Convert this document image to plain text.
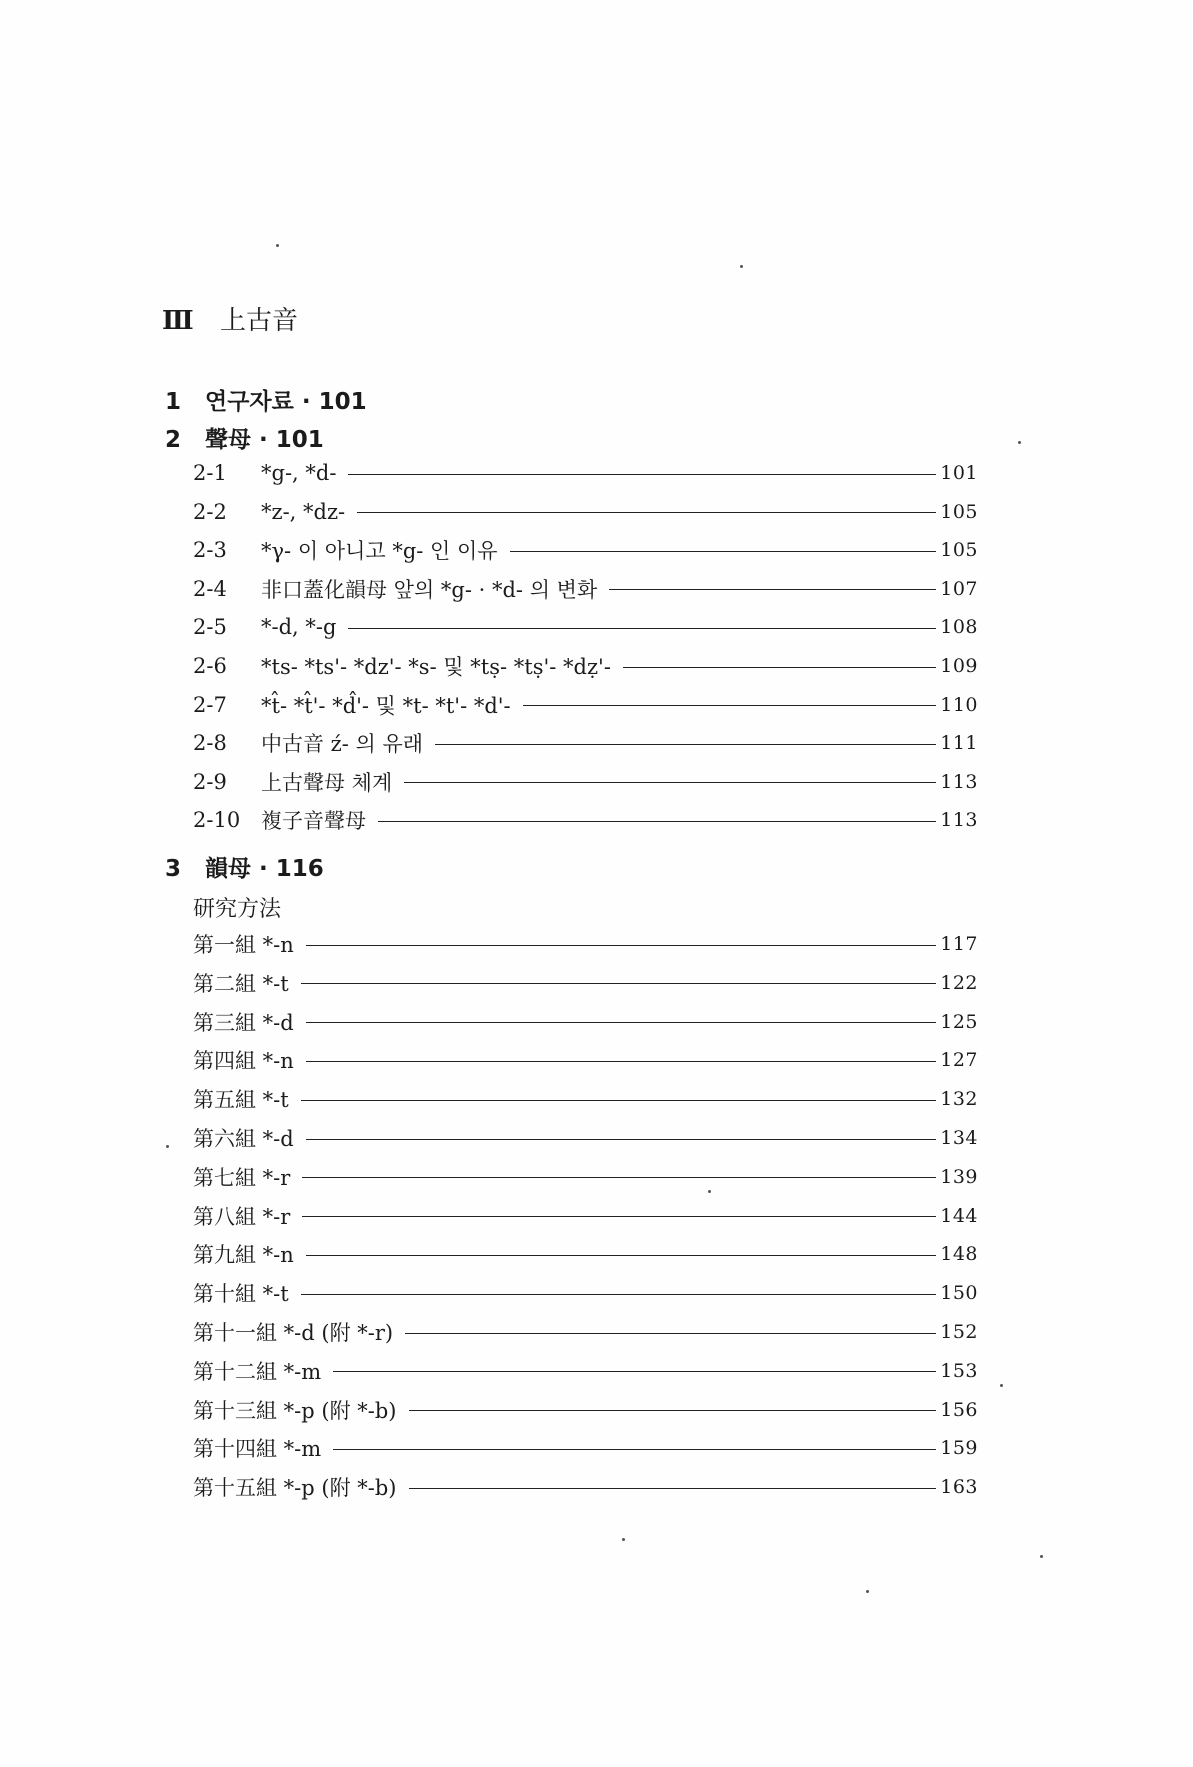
Ⅲ	上古音
1	연구자료 · 101
2	聲母 · 101
2-1	*g-, *d-	101
2-2	*z-, *dz-	105
2-3	*γ- 이 아니고 *g- 인 이유	105
2-4	非口蓋化韻母 앞의 *g- · *d- 의 변화	107
2-5	*-d, *-g	108
2-6	*ts- *ts'- *dz'- *s- 및 *tṣ- *tṣ'- *dẓ'-	109
2-7	*t̂- *t̂'- *d̂'- 및 *t- *t'- *d'-	110
2-8	中古音 ź- 의 유래	111
2-9	上古聲母 체계	113
2-10 複子音聲母	113
3	韻母 · 116
研究方法
第一組 *-n	117
第二組 *-t	122
第三組 *-d	125
第四組 *-n	127
第五組 *-t	132
第六組 *-d	134
第七組 *-r	139
第八組 *-r	144
第九組 *-n	148
第十組 *-t	150
第十一組 *-d (附 *-r)	152
第十二組 *-m	153
第十三組 *-p (附 *-b)	156
第十四組 *-m	159
第十五組 *-p (附 *-b)	163
